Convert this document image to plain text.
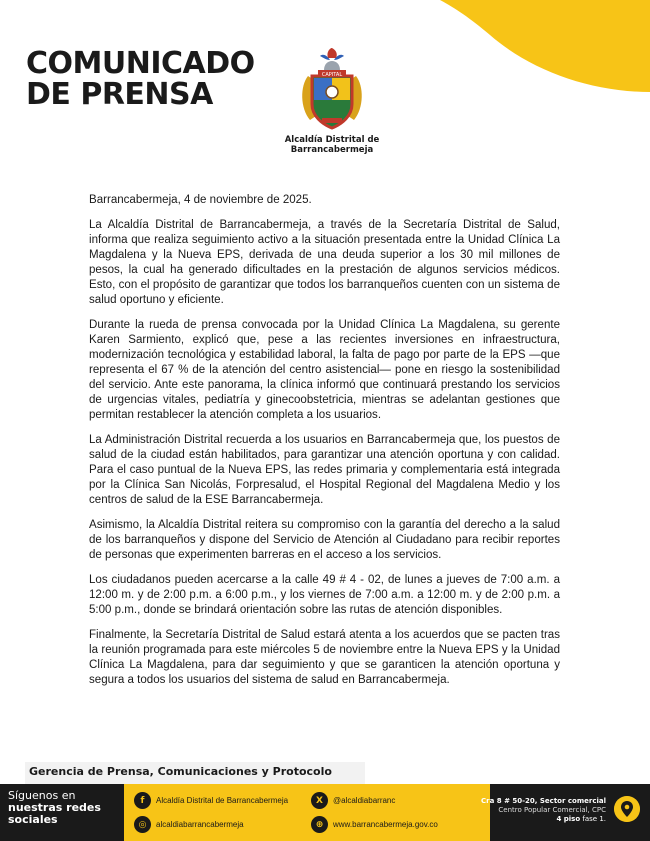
COMUNICADO
DE PRENSA
CAPITAL
Alcaldía Distrital de Barrancabermeja

Barrancabermeja, 4 de noviembre de 2025.

La Alcaldía Distrital de Barrancabermeja, a través de la Secretaría Distrital de Salud, informa que realiza seguimiento activo a la situación presentada entre la Unidad Clínica La Magdalena y la Nueva EPS, derivada de una deuda superior a los 30 mil millones de pesos, la cual ha generado dificultades en la prestación de algunos servicios médicos. Esto, con el propósito de garantizar que todos los barranqueños cuenten con un sistema de salud oportuno y eficiente.

Durante la rueda de prensa convocada por la Unidad Clínica La Magdalena, su gerente Karen Sarmiento, explicó que, pese a las recientes inversiones en infraestructura, modernización tecnológica y estabilidad laboral, la falta de pago por parte de la EPS —que representa el 67 % de la atención del centro asistencial— pone en riesgo la sostenibilidad del servicio. Ante este panorama, la clínica informó que continuará prestando los servicios de urgencias vitales, pediatría y ginecoobstetricia, mientras se adelantan gestiones que permitan restablecer la atención completa a los usuarios.

La Administración Distrital recuerda a los usuarios en Barrancabermeja que, los puestos de salud de la ciudad están habilitados, para garantizar una atención oportuna y con calidad. Para el caso puntual de la Nueva EPS, las redes primaria y complementaria está integrada por la Clínica San Nicolás, Forpresalud, el Hospital Regional del Magdalena Medio y los centros de salud de la ESE Barrancabermeja.

Asimismo, la Alcaldía Distrital reitera su compromiso con la garantía del derecho a la salud de los barranqueños y dispone del Servicio de Atención al Ciudadano para recibir reportes de personas que experimenten barreras en el acceso a los servicios.

Los ciudadanos pueden acercarse a la calle 49 # 4 - 02, de lunes a jueves de 7:00 a.m. a 12:00 m. y de 2:00 p.m. a 6:00 p.m., y los viernes de 7:00 a.m. a 12:00 m. y de 2:00 p.m. a 5:00 p.m., donde se brindará orientación sobre las rutas de atención disponibles.

Finalmente, la Secretaría Distrital de Salud estará atenta a los acuerdos que se pacten tras la reunión programada para este miércoles 5 de noviembre entre la Nueva EPS y la Unidad Clínica La Magdalena, para dar seguimiento y que se garanticen la atención oportuna y segura a todos los usuarios del sistema de salud en Barrancabermeja.

Gerencia de Prensa, Comunicaciones y Protocolo
Síguenos en
nuestras redes
sociales
f	Alcaldía Distrital de Barrancabermeja
◎	alcaldiabarrancabermeja
X	@alcaldiabarranc
⊕	www.barrancabermeja.gov.co
Cra 8 # 50-20, Sector comercial
Centro Popular Comercial, CPC
4 piso fase 1.
